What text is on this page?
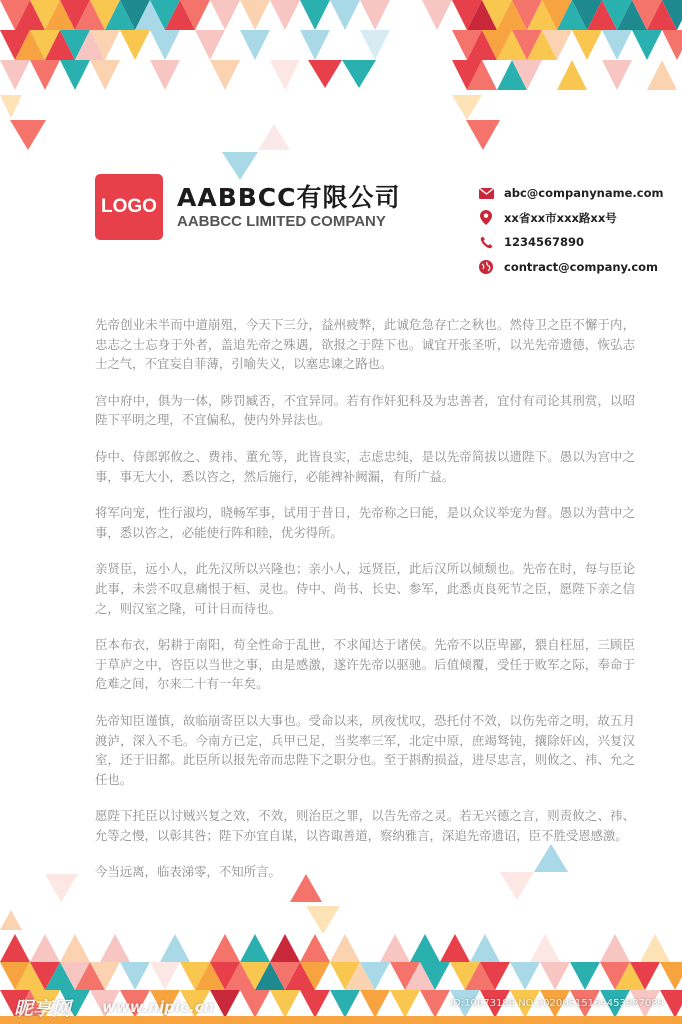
LOGO AABBCC有限公司
AABBCC LIMITED COMPANY
abc@companyname.com
xx省xx市xxx路xx号
1234567890
contract@company.com

先帝创业未半而中道崩殂，今天下三分，益州疲弊，此诚危急存亡之秋也。然侍卫之臣不懈于内，忠志之士忘身于外者，盖追先帝之殊遇，欲报之于陛下也。诚宜开张圣听，以光先帝遗德，恢弘志士之气，不宜妄自菲薄，引喻失义，以塞忠谏之路也。

宫中府中，俱为一体，陟罚臧否，不宜异同。若有作奸犯科及为忠善者，宜付有司论其刑赏，以昭陛下平明之理，不宜偏私，使内外异法也。

侍中、侍郎郭攸之、费祎、董允等，此皆良实，志虑忠纯，是以先帝简拔以遗陛下。愚以为宫中之事，事无大小，悉以咨之，然后施行，必能裨补阙漏，有所广益。

将军向宠，性行淑均，晓畅军事，试用于昔日，先帝称之曰能，是以众议举宠为督。愚以为营中之事，悉以咨之，必能使行阵和睦，优劣得所。

亲贤臣，远小人，此先汉所以兴隆也；亲小人，远贤臣，此后汉所以倾颓也。先帝在时，每与臣论此事，未尝不叹息痛恨于桓、灵也。侍中、尚书、长史、参军，此悉贞良死节之臣，愿陛下亲之信之，则汉室之隆，可计日而待也。

臣本布衣，躬耕于南阳，苟全性命于乱世，不求闻达于诸侯。先帝不以臣卑鄙，猥自枉屈，三顾臣于草庐之中，咨臣以当世之事，由是感激，遂许先帝以驱驰。后值倾覆，受任于败军之际，奉命于危难之间，尔来二十有一年矣。

先帝知臣谨慎，故临崩寄臣以大事也。受命以来，夙夜忧叹，恐托付不效，以伤先帝之明，故五月渡泸，深入不毛。今南方已定，兵甲已足，当奖率三军，北定中原，庶竭驽钝，攘除奸凶，兴复汉室，还于旧都。此臣所以报先帝而忠陛下之职分也。至于斟酌损益，进尽忠言，则攸之、祎、允之任也。

愿陛下托臣以讨贼兴复之效，不效，则治臣之罪，以告先帝之灵。若无兴德之言，则责攸之、祎、允等之慢，以彰其咎；陛下亦宜自谋，以咨诹善道，察纳雅言，深追先帝遗诏，臣不胜受恩感激。

今当远离，临表涕零，不知所言。

昵享网 www.nipic.cn	ID:10673188 NO:20200515164453987089
